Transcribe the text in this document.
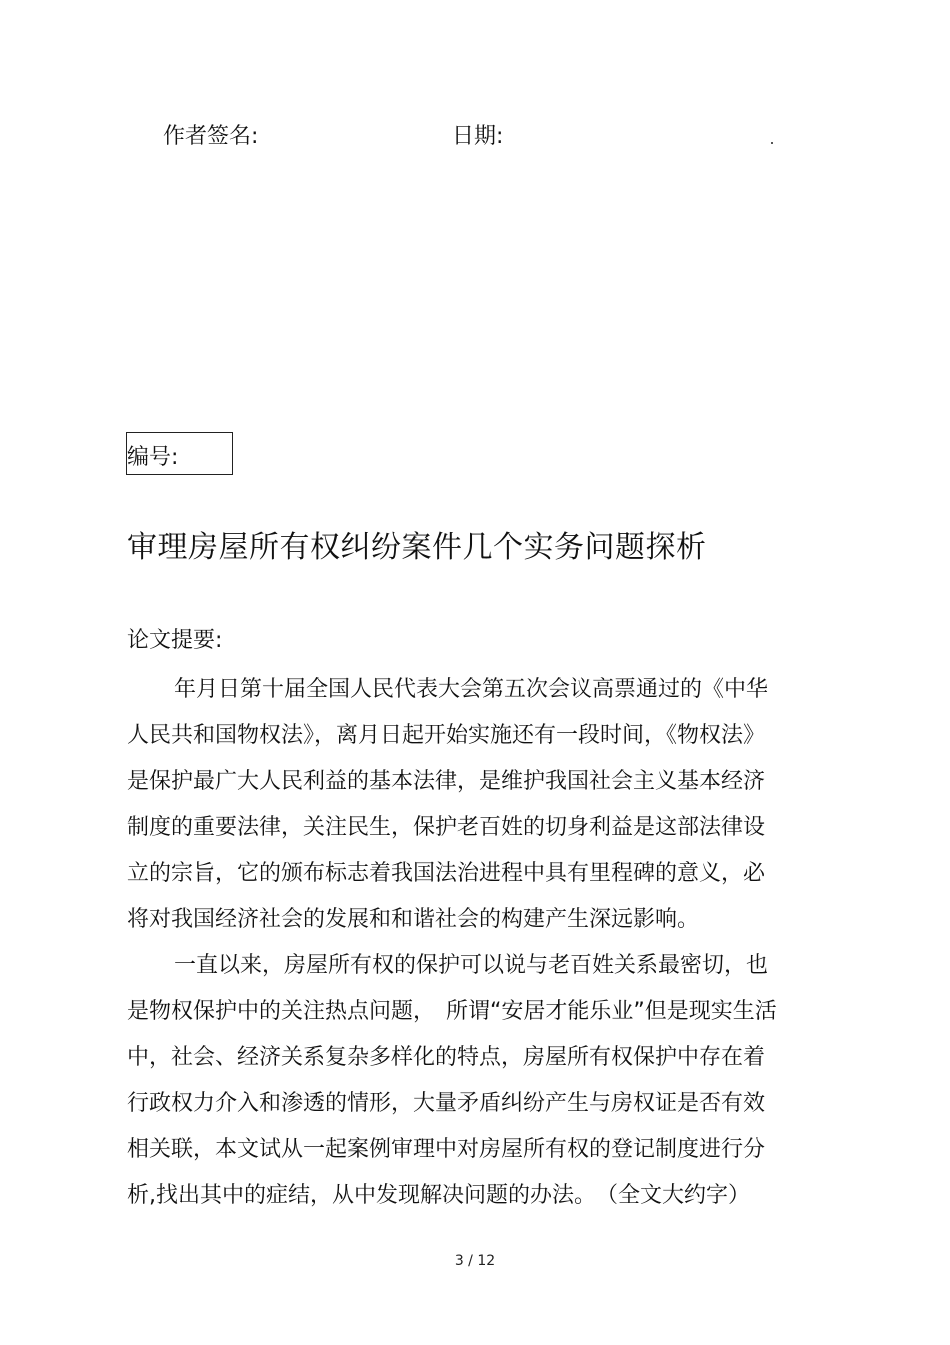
作者签名:	日期:
编号:
审理房屋所有权纠纷案件几个实务问题探析
论文提要:
年月日第十届全国人民代表大会第五次会议高票通过的《中华
人民共和国物权法》，离月日起开始实施还有一段时间，《物权法》
是保护最广大人民利益的基本法律，是维护我国社会主义基本经济
制度的重要法律，关注民生，保护老百姓的切身利益是这部法律设
立的宗旨，它的颁布标志着我国法治进程中具有里程碑的意义，必
将对我国经济社会的发展和和谐社会的构建产生深远影响。
一直以来，房屋所有权的保护可以说与老百姓关系最密切，也
是物权保护中的关注热点问题，　所谓“安居才能乐业”但是现实生活
中，社会、经济关系复杂多样化的特点，房屋所有权保护中存在着
行政权力介入和渗透的情形，大量矛盾纠纷产生与房权证是否有效
相关联，本文试从一起案例审理中对房屋所有权的登记制度进行分
析,找出其中的症结，从中发现解决问题的办法。　（全文大约字）
3 / 12
